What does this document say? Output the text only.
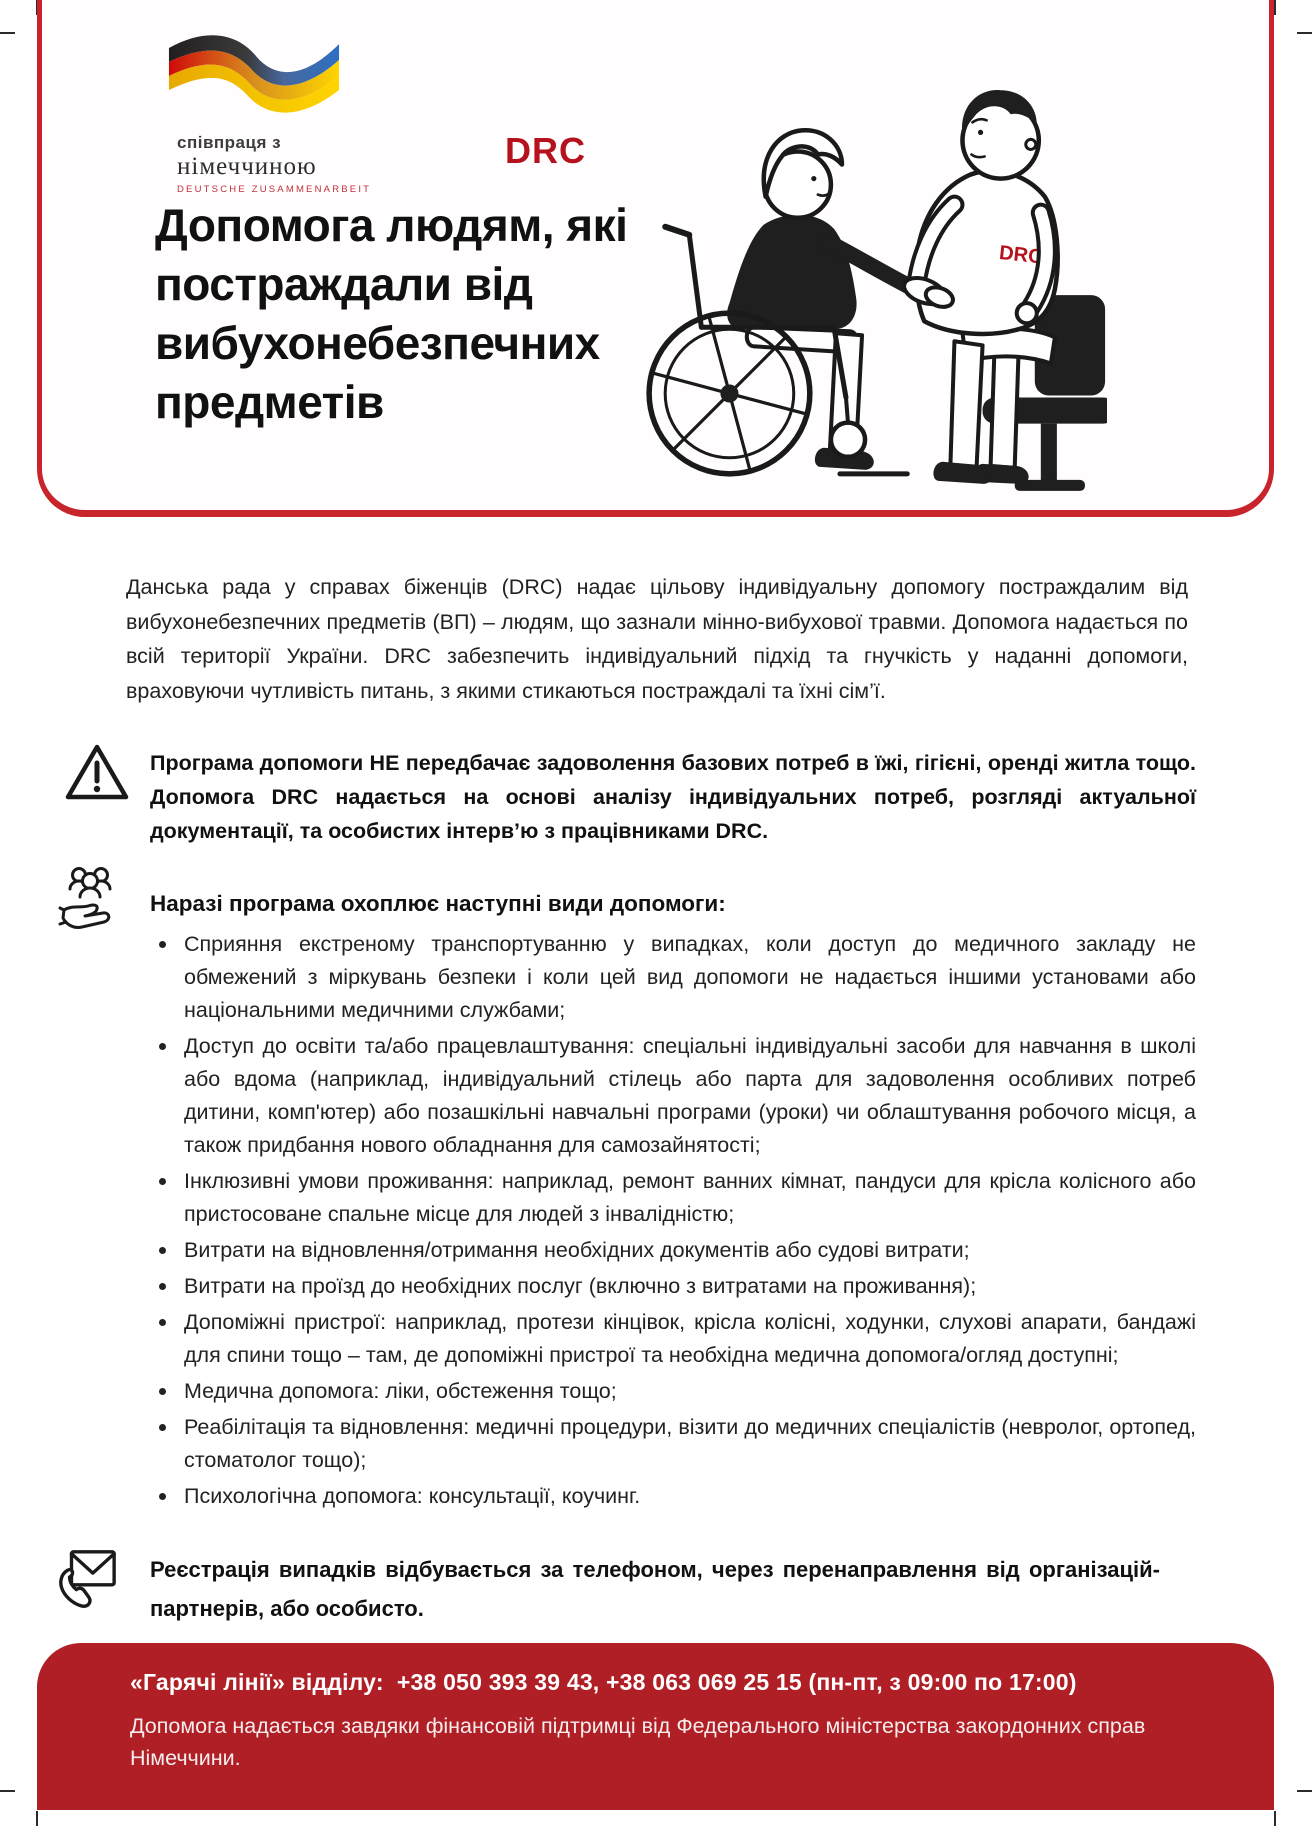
співпраця з
німеччиною
DEUTSCHE ZUSAMMENARBEIT
DRC
Допомога людям, які постраждали від вибухонебезпечних предметів
DRC

Данська рада у справах біженців (DRC) надає цільову індивідуальну допомогу постраждалим від вибухонебезпечних предметів (ВП) – людям, що зазнали мінно-вибухової травми. Допомога надається по всій території України. DRC забезпечить індивідуальний підхід та гнучкість у наданні допомоги, враховуючи чутливість питань, з якими стикаються постраждалі та їхні сім’ї.

Програма допомоги НЕ передбачає задоволення базових потреб в їжі, гігієні, оренді житла тощо. Допомога DRC надається на основі аналізу індивідуальних потреб, розгляді актуальної документації, та особистих інтерв’ю з працівниками DRC.

Наразі програма охоплює наступні види допомоги:
Сприяння екстреному транспортуванню у випадках, коли доступ до медичного закладу не обмежений з міркувань безпеки і коли цей вид допомоги не надається іншими установами або національними медичними службами;
Доступ до освіти та/або працевлаштування: спеціальні індивідуальні засоби для навчання в школі або вдома (наприклад, індивідуальний стілець або парта для задоволення особливих потреб дитини, комп'ютер) або позашкільні навчальні програми (уроки) чи облаштування робочого місця, а також придбання нового обладнання для самозайнятості;
Інклюзивні умови проживання: наприклад, ремонт ванних кімнат, пандуси для крісла колісного або пристосоване спальне місце для людей з інвалідністю;
Витрати на відновлення/отримання необхідних документів або судові витрати;
Витрати на проїзд до необхідних послуг (включно з витратами на проживання);
Допоміжні пристрої: наприклад, протези кінцівок, крісла колісні, ходунки, слухові апарати, бандажі для спини тощо – там, де допоміжні пристрої та необхідна медична допомога/огляд доступні;
Медична допомога: ліки, обстеження тощо;
Реабілітація та відновлення: медичні процедури, візити до медичних спеціалістів (невролог, ортопед, стоматолог тощо);
Психологічна допомога: консультації, коучинг.

Реєстрація випадків відбувається за телефоном, через перенаправлення від організацій-партнерів, або особисто.

«Гарячі лінії» відділу: +38 050 393 39 43, +38 063 069 25 15 (пн-пт, з 09:00 по 17:00)

Допомога надається завдяки фінансовій підтримці від Федерального міністерства закордонних справ Німеччини.
